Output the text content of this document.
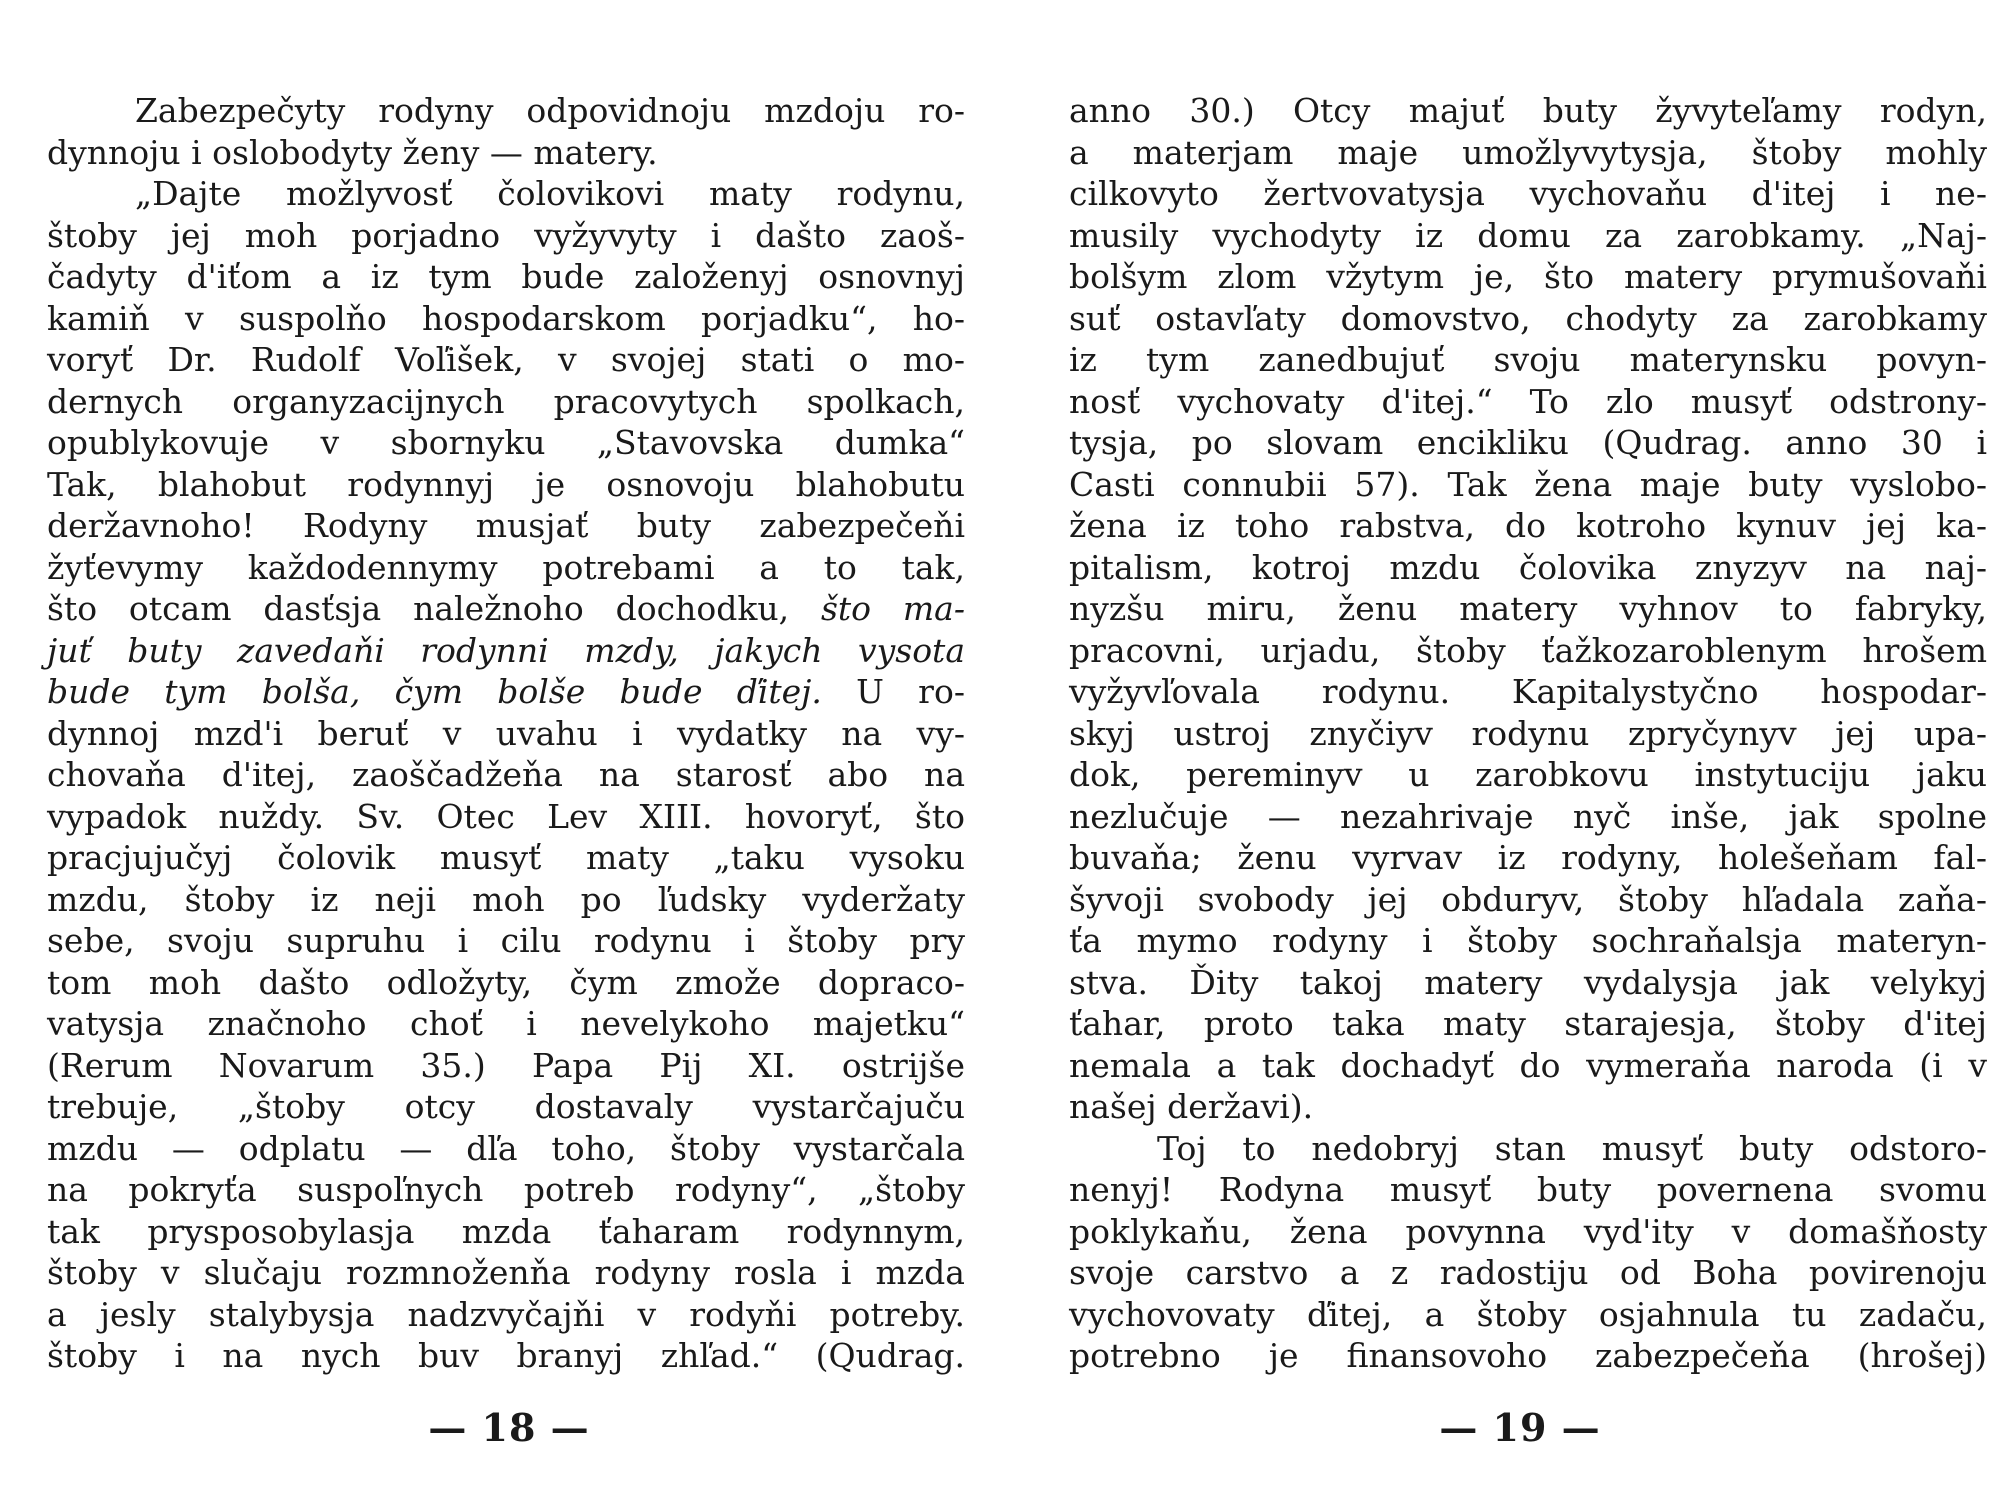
Zabezpečyty rodyny odpovidnoju mzdoju ro-
dynnoju i oslobodyty ženy — matery.
„Dajte možlyvosť čolovikovi maty rodynu,
štoby jej moh porjadno vyžyvyty i dašto zaoš-
čadyty d'iťom a iz tym bude založenyj osnovnyj
kamiň v suspolňo hospodarskom porjadku“, ho-
voryť Dr. Rudolf Voľišek, v svojej stati o mo-
dernych organyzacijnych pracovytych spolkach,
opublykovuje v sbornyku „Stavovska dumka“
Tak, blahobut rodynnyj je osnovoju blahobutu
deržavnoho! Rodyny musjať buty zabezpečeňi
žyťevymy každodennymy potrebami a to tak,
što otcam dasťsja naležnoho dochodku, što ma-
juť buty zavedaňi rodynni mzdy, jakych vysota
bude tym bolša, čym bolše bude ďitej. U ro-
dynnoj mzd'i beruť v uvahu i vydatky na vy-
chovaňa d'itej, zaoščadžeňa na starosť abo na
vypadok nuždy. Sv. Otec Lev XIII. hovoryť, što
pracjujučyj čolovik musyť maty „taku vysoku
mzdu, štoby iz neji moh po ľudsky vyderžaty
sebe, svoju supruhu i cilu rodynu i štoby pry
tom moh dašto odložyty, čym zmože dopraco-
vatysja značnoho choť i nevelykoho majetku“
(Rerum Novarum 35.) Papa Pij XI. ostrijše
trebuje, „štoby otcy dostavaly vystarčajuču
mzdu — odplatu — dľa toho, štoby vystarčala
na pokryťa suspoľnych potreb rodyny“, „štoby
tak prysposobylasja mzda ťaharam rodynnym,
štoby v slučaju rozmnoženňa rodyny rosla i mzda
a jesly stalybysja nadzvyčajňi v rodyňi potreby.
štoby i na nych buv branyj zhľad.“ (Qudrag.
— 18 —
anno 30.) Otcy majuť buty žyvyteľamy rodyn,
a materjam maje umožlyvytysja, štoby mohly
cilkovyto žertvovatysja vychovaňu d'itej i ne-
musily vychodyty iz domu za zarobkamy. „Naj-
bolšym zlom vžytym je, što matery prymušovaňi
suť ostavľaty domovstvo, chodyty za zarobkamy
iz tym zanedbujuť svoju materynsku povyn-
nosť vychovaty d'itej.“ To zlo musyť odstrony-
tysja, po slovam encikliku (Qudrag. anno 30 i
Casti connubii 57). Tak žena maje buty vyslobo-
žena iz toho rabstva, do kotroho kynuv jej ka-
pitalism, kotroj mzdu čolovika znyzyv na naj-
nyzšu miru, ženu matery vyhnov to fabryky,
pracovni, urjadu, štoby ťažkozaroblenym hrošem
vyžyvľovala rodynu. Kapitalystyčno hospodar-
skyj ustroj znyčiyv rodynu zpryčynyv jej upa-
dok, pereminyv u zarobkovu instytuciju jaku
nezlučuje — nezahrivaje nyč inše, jak spolne
buvaňa; ženu vyrvav iz rodyny, holešeňam fal-
šyvoji svobody jej obduryv, štoby hľadala zaňa-
ťa mymo rodyny i štoby sochraňalsja materyn-
stva. Ďity takoj matery vydalysja jak velykyj
ťahar, proto taka maty starajesja, štoby d'itej
nemala a tak dochadyť do vymeraňa naroda (i v
našej deržavi).
Toj to nedobryj stan musyť buty odstoro-
nenyj! Rodyna musyť buty povernena svomu
poklykaňu, žena povynna vyd'ity v domašňosty
svoje carstvo a z radostiju od Boha povirenoju
vychovovaty ďitej, a štoby osjahnula tu zadaču,
potrebno je finansovoho zabezpečeňa (hrošej)
— 19 —
